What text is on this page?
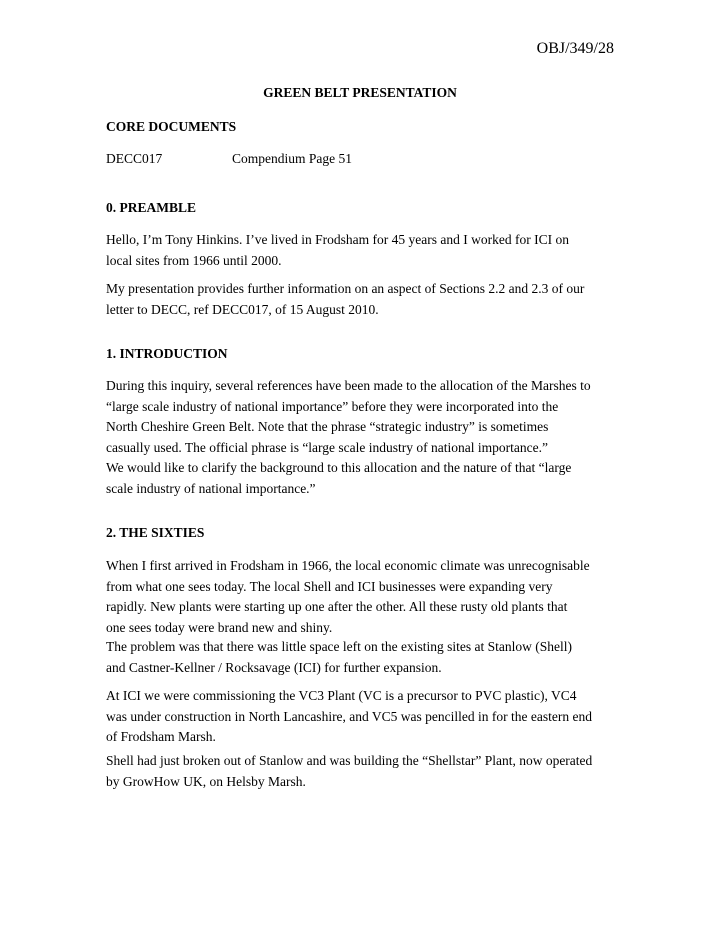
OBJ/349/28
GREEN BELT PRESENTATION
CORE DOCUMENTS
DECC017	Compendium Page 51
0. PREAMBLE
Hello, I’m Tony Hinkins. I’ve lived in Frodsham for 45 years and I worked for ICI on
local sites from 1966 until 2000.
My presentation provides further information on an aspect of Sections 2.2 and 2.3 of our
letter to DECC, ref DECC017, of 15 August 2010.
1. INTRODUCTION
During this inquiry, several references have been made to the allocation of the Marshes to
“large scale industry of national importance” before they were incorporated into the
North Cheshire Green Belt. Note that the phrase “strategic industry” is sometimes
casually used. The official phrase is “large scale industry of national importance.”
We would like to clarify the background to this allocation and the nature of that “large
scale industry of national importance.”
2. THE SIXTIES
When I first arrived in Frodsham in 1966, the local economic climate was unrecognisable
from what one sees today. The local Shell and ICI businesses were expanding very
rapidly. New plants were starting up one after the other. All these rusty old plants that
one sees today were brand new and shiny.
The problem was that there was little space left on the existing sites at Stanlow (Shell)
and Castner-Kellner / Rocksavage (ICI) for further expansion.
At ICI we were commissioning the VC3 Plant (VC is a precursor to PVC plastic), VC4
was under construction in North Lancashire, and VC5 was pencilled in for the eastern end
of Frodsham Marsh.
Shell had just broken out of Stanlow and was building the “Shellstar” Plant, now operated
by GrowHow UK, on Helsby Marsh.
